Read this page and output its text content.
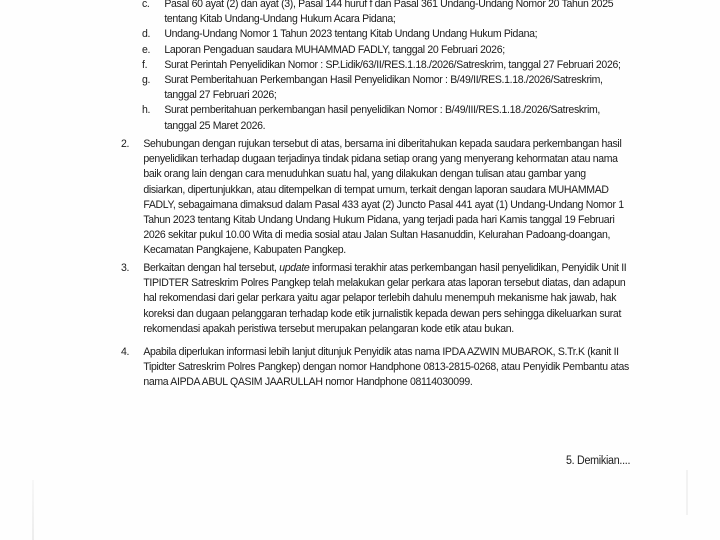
c. Pasal 60 ayat (2) dan ayat (3), Pasal 144 huruf f dan Pasal 361 Undang-Undang Nomor 20 Tahun 2025
tentang Kitab Undang-Undang Hukum Acara Pidana;
d. Undang-Undang Nomor 1 Tahun 2023 tentang Kitab Undang Undang Hukum Pidana;
e. Laporan Pengaduan saudara MUHAMMAD FADLY, tanggal 20 Februari 2026;
f. Surat Perintah Penyelidikan Nomor : SP.Lidik/63/II/RES.1.18./2026/Satreskrim, tanggal 27 Februari 2026;
g. Surat Pemberitahuan Perkembangan Hasil Penyelidikan Nomor : B/49/II/RES.1.18./2026/Satreskrim,
tanggal 27 Februari 2026;
h. Surat pemberitahuan perkembangan hasil penyelidikan Nomor : B/49/III/RES.1.18./2026/Satreskrim,
tanggal 25 Maret 2026.
2. Sehubungan dengan rujukan tersebut di atas, bersama ini diberitahukan kepada saudara perkembangan hasil
penyelidikan terhadap dugaan terjadinya tindak pidana setiap orang yang menyerang kehormatan atau nama
baik orang lain dengan cara menuduhkan suatu hal, yang dilakukan dengan tulisan atau gambar yang
disiarkan, dipertunjukkan, atau ditempelkan di tempat umum, terkait dengan laporan saudara MUHAMMAD
FADLY, sebagaimana dimaksud dalam Pasal 433 ayat (2) Juncto Pasal 441 ayat (1) Undang-Undang Nomor 1
Tahun 2023 tentang Kitab Undang Undang Hukum Pidana, yang terjadi pada hari Kamis tanggal 19 Februari
2026 sekitar pukul 10.00 Wita di media sosial atau Jalan Sultan Hasanuddin, Kelurahan Padoang-doangan,
Kecamatan Pangkajene, Kabupaten Pangkep.
3. Berkaitan dengan hal tersebut, update informasi terakhir atas perkembangan hasil penyelidikan, Penyidik Unit II
TIPIDTER Satreskrim Polres Pangkep telah melakukan gelar perkara atas laporan tersebut diatas, dan adapun
hal rekomendasi dari gelar perkara yaitu agar pelapor terlebih dahulu menempuh mekanisme hak jawab, hak
koreksi dan dugaan pelanggaran terhadap kode etik jurnalistik kepada dewan pers sehingga dikeluarkan surat
rekomendasi apakah peristiwa tersebut merupakan pelangaran kode etik atau bukan.
4. Apabila diperlukan informasi lebih lanjut ditunjuk Penyidik atas nama IPDA AZWIN MUBAROK, S.Tr.K (kanit II
Tipidter Satreskrim Polres Pangkep) dengan nomor Handphone 0813-2815-0268, atau Penyidik Pembantu atas
nama AIPDA ABUL QASIM JAARULLAH nomor Handphone 08114030099.
5. Demikian....
